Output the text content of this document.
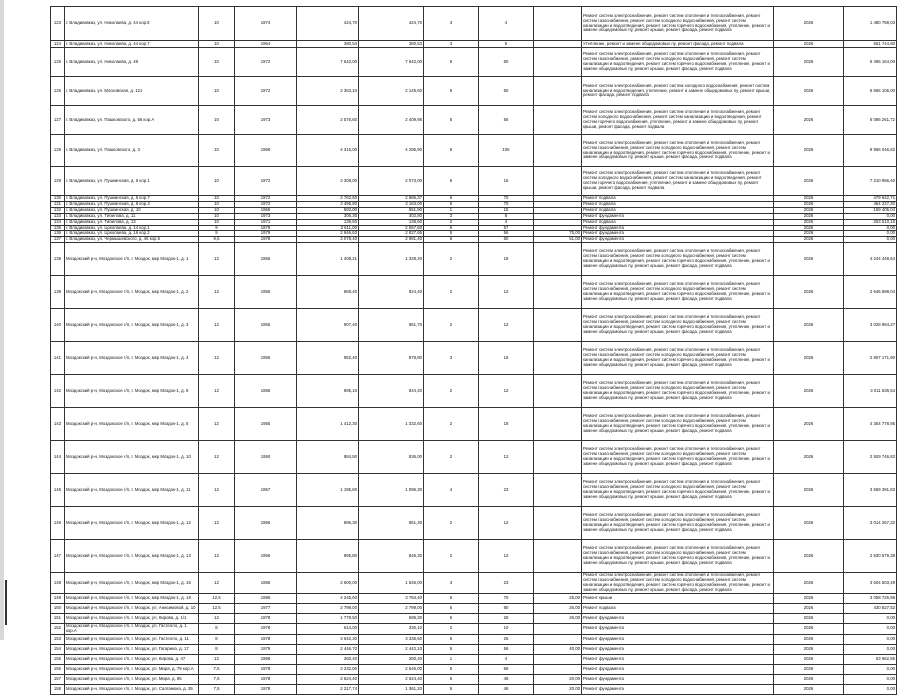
123	г. Владикавказ, ул. Николаева, д. 44 кор.5	10	1974	424,70	424,70	3	4		Ремонт систем электроснабжения, ремонт систем отопления и теплоснабжения, ремонт систем газоснабжения, ремонт систем холодного водоснабжения, ремонт систем канализации и водоотведения, ремонт систем горячего водоснабжения, утепление, ремонт и замене общедомовых пу, ремонт крыши, ремонт фасада, ремонт подвала	2026	1 480 759,03
124	г. Владикавказ, ул. Николаева, д. 44 кор.7	10	1964	380,53	380,53	3	5		Утепление, ремонт и замене общедомовых пу, ремонт фасада, ремонт подвала	2026	561 744,80
125	г. Владикавказ, ул. Николаева, д. 48	10	1972	7 642,00	7 642,00	5	60		Ремонт систем электроснабжения, ремонт систем отопления и теплоснабжения, ремонт систем газоснабжения, ремонт систем холодного водоснабжения, ремонт систем канализации и водоотведения, ремонт систем горячего водоснабжения, утепление, ремонт и замене общедомовых пу, ремонт крыши, ремонт фасада, ремонт подвала	2026	6 495 164,00
126	г. Владикавказ, ул. Московская, д. 121	10	1972	2 363,10	2 145,60	5	60		Ремонт систем электроснабжения, ремонт систем холодного водоснабжения, ремонт систем канализации и водоотведения, утепление, ремонт и замене общедомовых пу, ремонт крыши, ремонт фасада, ремонт подвала	2026	6 665 106,00
127	г. Владикавказ, ул. Пашковского, д. 56 кор.А	10	1973	2 576,60	2 409,95	5	56		Ремонт систем электроснабжения, ремонт систем отопления и теплоснабжения, ремонт систем холодного водоснабжения, ремонт систем канализации и водоотведения, ремонт систем горячего водоснабжения, утепление, ремонт и замене общедомовых пу, ремонт крыши, ремонт фасада, ремонт подвала	2026	6 086 261,72
128	г. Владикавказ, ул. Пашковского, д. 3	10	1969	4 315,00	4 295,90	5	106		Ремонт систем электроснабжения, ремонт систем отопления и теплоснабжения, ремонт систем газоснабжения, ремонт систем холодного водоснабжения, ремонт систем канализации и водоотведения, ремонт систем горячего водоснабжения, утепление, ремонт и замене общедомовых пу, ремонт крыши, ремонт фасада, ремонт подвала	2026	9 956 046,82
129	г. Владикавказ, ул. Пушкинская, д. 5 кор.1	10	1972	3 308,00	2 073,00	6	16		Ремонт систем электроснабжения, ремонт систем отопления и теплоснабжения, ремонт систем холодного водоснабжения, ремонт систем канализации и водоотведения, ремонт систем горячего водоснабжения, утепление, ремонт и замене общедомовых пу, ремонт крыши, ремонт фасада, ремонт подвала	2026	7 210 956,40
130	г. Владикавказ, ул. Пушкинская, д. 5 кор.7	10	1972	2 762,60	2 686,37	6	70		Ремонт подвала	2026	479 642,71
131	г. Владикавказ, ул. Пушкинская, д. 8 кор.3	10	1972	3 495,80	3 163,00	6	70		Ремонт подвала	2026	464 227,30
132	г. Владикавказ, ул. Пушкинская, д. 10	10	1966	593,00	551,90	1	15		Ремонт подвала	2026	159 405,04
133	г. Владикавказ, ул. Тибилова, д. 11	10	1973	306,30	302,80	3	8		Ремонт фундамента	2026	0,00
134	г. Владикавказ, ул. Тибилова, д. 13	10	1971	139,60	139,60	2	4		Ремонт подвала	2026	253 510,15
135	г. Владикавказ, ул. Цоколаева, д. 14 кор.1	9	1978	2 611,00	2 557,60	6	57		Ремонт фундамента	2026	0,00
136	г. Владикавказ, ул. Цоколаева, д. 16 кор.2	9	1979	2 946,63	2 827,65	5	56	75,00	Ремонт фундамента	2026	0,00
137	г. Владикавказ, ул. Чермышевского, д. 46 кор.5	9,5	1978	3 078,40	2 981,40	6	60	51,00	Ремонт фундамента	2026	0,00
138	Моздокский р-н, Моздокское г/п, г. Моздок, мкр Моздок-1, д. 1	12	1955	1 408,21	1 328,20	2	18		Ремонт систем электроснабжения, ремонт систем отопления и теплоснабжения, ремонт систем газоснабжения, ремонт систем холодного водоснабжения, ремонт систем канализации и водоотведения, ремонт систем горячего водоснабжения, утепление, ремонт и замене общедомовых пу, ремонт крыши, ремонт фасада, ремонт подвала	2026	4 244 448,64
139	Моздокский р-н, Моздокское г/п, г. Моздок, мкр Моздок-1, д. 2	12	1955	868,40	824,40	2	12		Ремонт систем электроснабжения, ремонт систем отопления и теплоснабжения, ремонт систем газоснабжения, ремонт систем холодного водоснабжения, ремонт систем канализации и водоотведения, ремонт систем горячего водоснабжения, утепление, ремонт и замене общедомовых пу, ремонт крыши, ремонт фасада, ремонт подвала	2026	2 646 898,04
140	Моздокский р-н, Моздокское г/п, г. Моздок, мкр Моздок-1, д. 3	12	1955	907,40	851,70	2	12		Ремонт систем электроснабжения, ремонт систем отопления и теплоснабжения, ремонт систем газоснабжения, ремонт систем холодного водоснабжения, ремонт систем канализации и водоотведения, ремонт систем горячего водоснабжения, утепление, ремонт и замене общедомовых пу, ремонт крыши, ремонт фасада, ремонт подвала	2026	3 029 984,27
141	Моздокский р-н, Моздокское г/п, г. Моздок, мкр Моздок-1, д. 4	12	1956	952,40	879,80	3	16		Ремонт систем электроснабжения, ремонт систем отопления и теплоснабжения, ремонт систем газоснабжения, ремонт систем холодного водоснабжения, ремонт систем канализации и водоотведения, ремонт систем горячего водоснабжения, утепление, ремонт и замене общедомовых пу, ремонт крыши, ремонт фасада, ремонт подвала	2026	2 807 171,90
142	Моздокский р-н, Моздокское г/п, г. Моздок, мкр Моздок-1, д. 9	12	1956	895,10	844,40	2	12		Ремонт систем электроснабжения, ремонт систем отопления и теплоснабжения, ремонт систем газоснабжения, ремонт систем холодного водоснабжения, ремонт систем канализации и водоотведения, ремонт систем горячего водоснабжения, утепление, ремонт и замене общедомовых пу, ремонт крыши, ремонт фасада, ремонт подвала	2026	3 011 536,54
143	Моздокский р-н, Моздокское г/п, г. Моздок, мкр Моздок-1, д. 5	12	1955	1 412,30	1 332,60	2	18		Ремонт систем электроснабжения, ремонт систем отопления и теплоснабжения, ремонт систем газоснабжения, ремонт систем холодного водоснабжения, ремонт систем канализации и водоотведения, ремонт систем горячего водоснабжения, утепление, ремонт и замене общедомовых пу, ремонт крыши, ремонт фасада, ремонт подвала	2026	4 354 778,95
144	Моздокский р-н, Моздокское г/п, г. Моздок, мкр Моздок-1, д. 10	12	1950	884,50	836,00	2	12		Ремонт систем электроснабжения, ремонт систем отопления и теплоснабжения, ремонт систем газоснабжения, ремонт систем холодного водоснабжения, ремонт систем канализации и водоотведения, ремонт систем горячего водоснабжения, утепление, ремонт и замене общедомовых пу, ремонт крыши, ремонт фасада, ремонт подвала	2026	2 929 746,83
145	Моздокский р-н, Моздокское г/п, г. Моздок, мкр Моздок-1, д. 11	12	1957	1 195,60	1 096,30	4	23		Ремонт систем электроснабжения, ремонт систем отопления и теплоснабжения, ремонт систем газоснабжения, ремонт систем холодного водоснабжения, ремонт систем канализации и водоотведения, ремонт систем горячего водоснабжения, утепление, ремонт и замене общедомовых пу, ремонт крыши, ремонт фасада, ремонт подвала	2026	3 569 391,83
146	Моздокский р-н, Моздокское г/п, г. Моздок, мкр Моздок-1, д. 12	12	1956	896,30	861,30	2	12		Ремонт систем электроснабжения, ремонт систем отопления и теплоснабжения, ремонт систем газоснабжения, ремонт систем холодного водоснабжения, ремонт систем канализации и водоотведения, ремонт систем горячего водоснабжения, утепление, ремонт и замене общедомовых пу, ремонт крыши, ремонт фасада, ремонт подвала	2026	3 014 267,32
147	Моздокский р-н, Моздокское г/п, г. Моздок, мкр Моздок-1, д. 13	12	1956	895,80	846,30	2	12		Ремонт систем электроснабжения, ремонт систем отопления и теплоснабжения, ремонт систем газоснабжения, ремонт систем холодного водоснабжения, ремонт систем канализации и водоотведения, ремонт систем горячего водоснабжения, утепление, ремонт и замене общедомовых пу, ремонт крыши, ремонт фасада, ремонт подвала	2026	2 930 579,38
148	Моздокский р-н, Моздокское г/п, г. Моздок, мкр Моздок-1, д. 16	12	1956	2 600,00	1 546,00	3	23		Ремонт систем электроснабжения, ремонт систем отопления и теплоснабжения, ремонт систем газоснабжения, ремонт систем холодного водоснабжения, ремонт систем канализации и водоотведения, ремонт систем горячего водоснабжения, утепление, ремонт и замене общедомовых пу, ремонт крыши, ремонт фасада, ремонт подвала	2026	3 604 503,49
149	Моздокский р-н, Моздокское г/п, г. Моздок, мкр Моздок-1, д. 18	12,5	1995	4 245,60	3 784,40	5	70	25,00	Ремонт крыши	2026	3 058 726,95
150	Моздокский р-н, Моздокское г/п, г. Моздок, ул. Анисимовой, д. 10	12,5	1977	2 799,00	2 799,00	5	80	26,00	Ремонт подвала	2026	430 827,52
151	Моздокский р-н, Моздокское г/п, г. Моздок, ул. Кирова, д. 1/1	12	1978	1 779,50	695,30	5	26	26,00	Ремонт фундамента	2026	0,00
152	Моздокский р-н, Моздокское г/п, г. Моздок, ул. Гастелло, д. 1 кор.А	8	1978	614,00	330,10	2	10		Ремонт фундамента	2026	0,00
153	Моздокский р-н, Моздокское г/п, г. Моздок, ул. Гастелло, д. 11	8	1978	3 642,30	3 335,60	5	26		Ремонт фундамента	2026	0,00
154	Моздокский р-н, Моздокское г/п, г. Моздок, ул. Гагарина, д. 17	8	1979	2 446,70	2 442,10	5	56	40,00	Ремонт фундамента	2026	0,00
155	Моздокский р-н, Моздокское г/п, г. Моздок, ул. Кирова, д. 47	12	1958	260,40	260,40	1	4		Ремонт фундамента	2026	53 962,55
156	Моздокский р-н, Моздокское г/п, г. Моздок, ул. Мира, д. 79 кор.А	7,5	1978	3 232,00	2 646,00	5	66		Ремонт фундамента	2026	0,00
157	Моздокский р-н, Моздокское г/п, г. Моздок, ул. Мира, д. 85	7,5	1978	2 624,40	2 624,40	5	48	20,00	Ремонт фундамента	2026	0,00
158	Моздокский р-н, Моздокское г/п, г. Моздок, ул. Салганюка, д. 35	7,5	1978	2 217,74	1 361,20	5	46	20,00	Ремонт фундамента	2026	0,00
